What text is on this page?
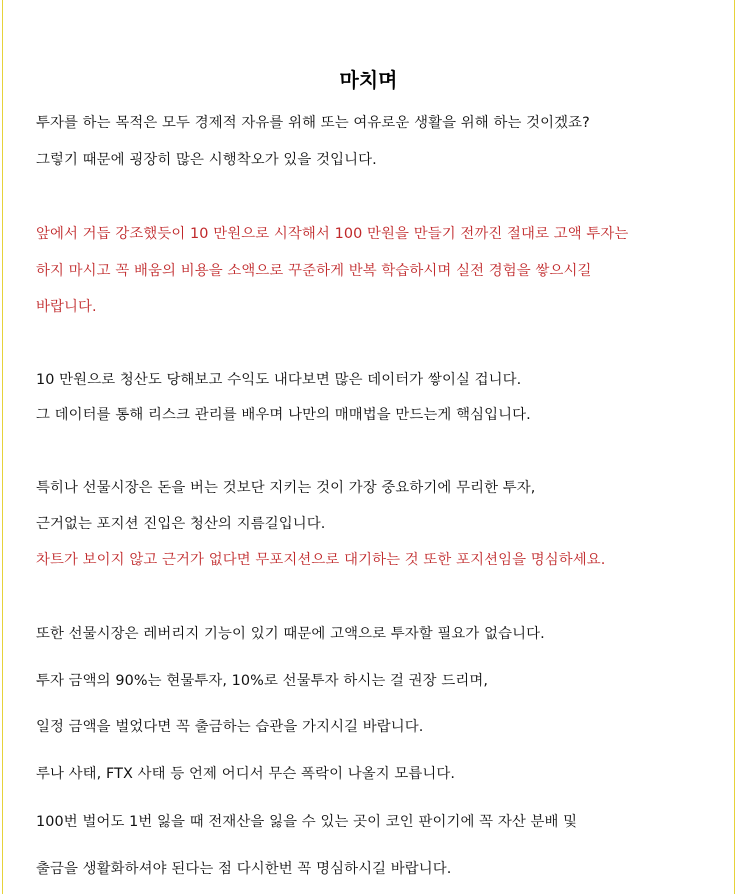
마치며
투자를 하는 목적은 모두 경제적 자유를 위해 또는 여유로운 생활을 위해 하는 것이겠죠?
그렇기 때문에 굉장히 많은 시행착오가 있을 것입니다.
앞에서 거듭 강조했듯이 10 만원으로 시작해서 100 만원을 만들기 전까진 절대로 고액 투자는
하지 마시고 꼭 배움의 비용을 소액으로 꾸준하게 반복 학습하시며 실전 경험을 쌓으시길
바랍니다.
10 만원으로 청산도 당해보고 수익도 내다보면 많은 데이터가 쌓이실 겁니다.
그 데이터를 통해 리스크 관리를 배우며 나만의 매매법을 만드는게 핵심입니다.
특히나 선물시장은 돈을 버는 것보단 지키는 것이 가장 중요하기에 무리한 투자,
근거없는 포지션 진입은 청산의 지름길입니다.
차트가 보이지 않고 근거가 없다면 무포지션으로 대기하는 것 또한 포지션임을 명심하세요.
또한 선물시장은 레버리지 기능이 있기 때문에 고액으로 투자할 필요가 없습니다.
투자 금액의 90%는 현물투자, 10%로 선물투자 하시는 걸 권장 드리며,
일정 금액을 벌었다면 꼭 출금하는 습관을 가지시길 바랍니다.
루나 사태, FTX 사태 등 언제 어디서 무슨 폭락이 나올지 모릅니다.
100번 벌어도 1번 잃을 때 전재산을 잃을 수 있는 곳이 코인 판이기에 꼭 자산 분배 및
출금을 생활화하셔야 된다는 점 다시한번 꼭 명심하시길 바랍니다.
